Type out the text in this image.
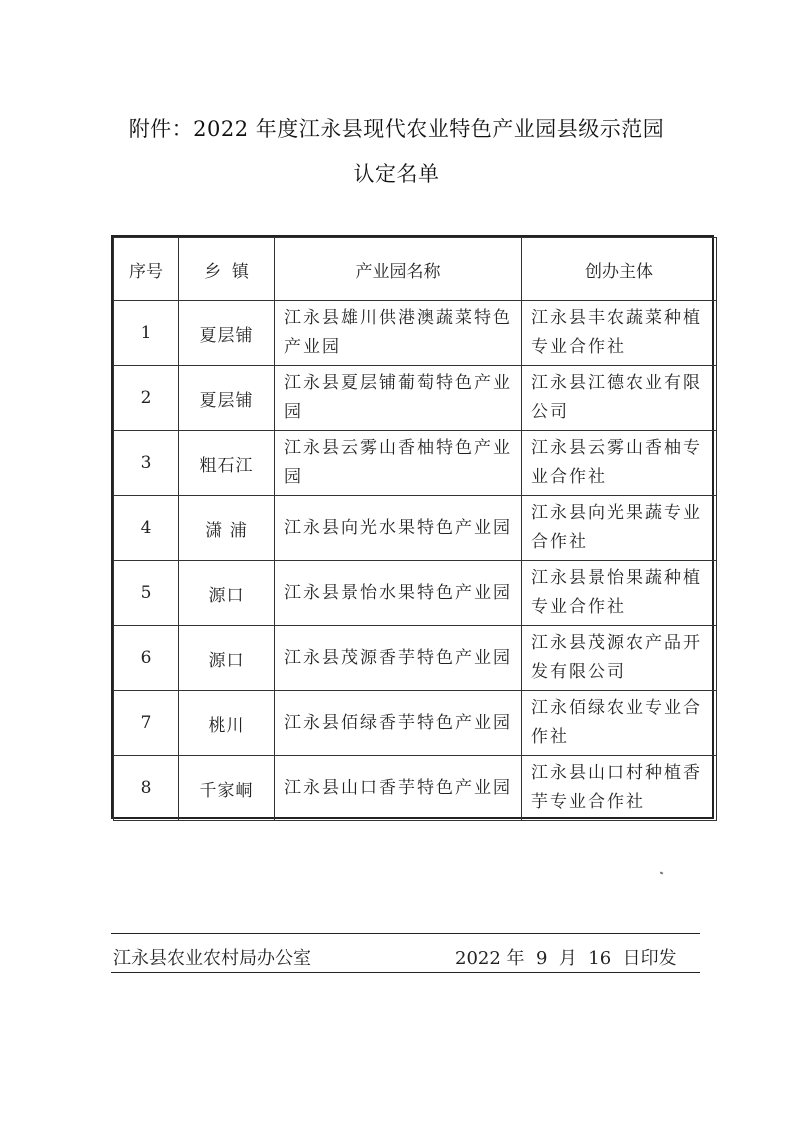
附件：2022 年度江永县现代农业特色产业园县级示范园
认定名单
序号	乡  镇	产业园名称	创办主体
1	夏层铺	江永县雄川供港澳蔬菜特色产业园	江永县丰农蔬菜种植专业合作社
2	夏层铺	江永县夏层铺葡萄特色产业园	江永县江德农业有限公司
3	粗石江	江永县云雾山香柚特色产业园	江永县云雾山香柚专业合作社
4	潇 浦	江永县向光水果特色产业园	江永县向光果蔬专业合作社
5	源口	江永县景怡水果特色产业园	江永县景怡果蔬种植专业合作社
6	源口	江永县茂源香芋特色产业园	江永县茂源农产品开发有限公司
7	桃川	江永县佰绿香芋特色产业园	江永佰绿农业专业合作社
8	千家峒	江永县山口香芋特色产业园	江永县山口村种植香芋专业合作社
江永县农业农村局办公室	2022 年  9  月  16  日印发
